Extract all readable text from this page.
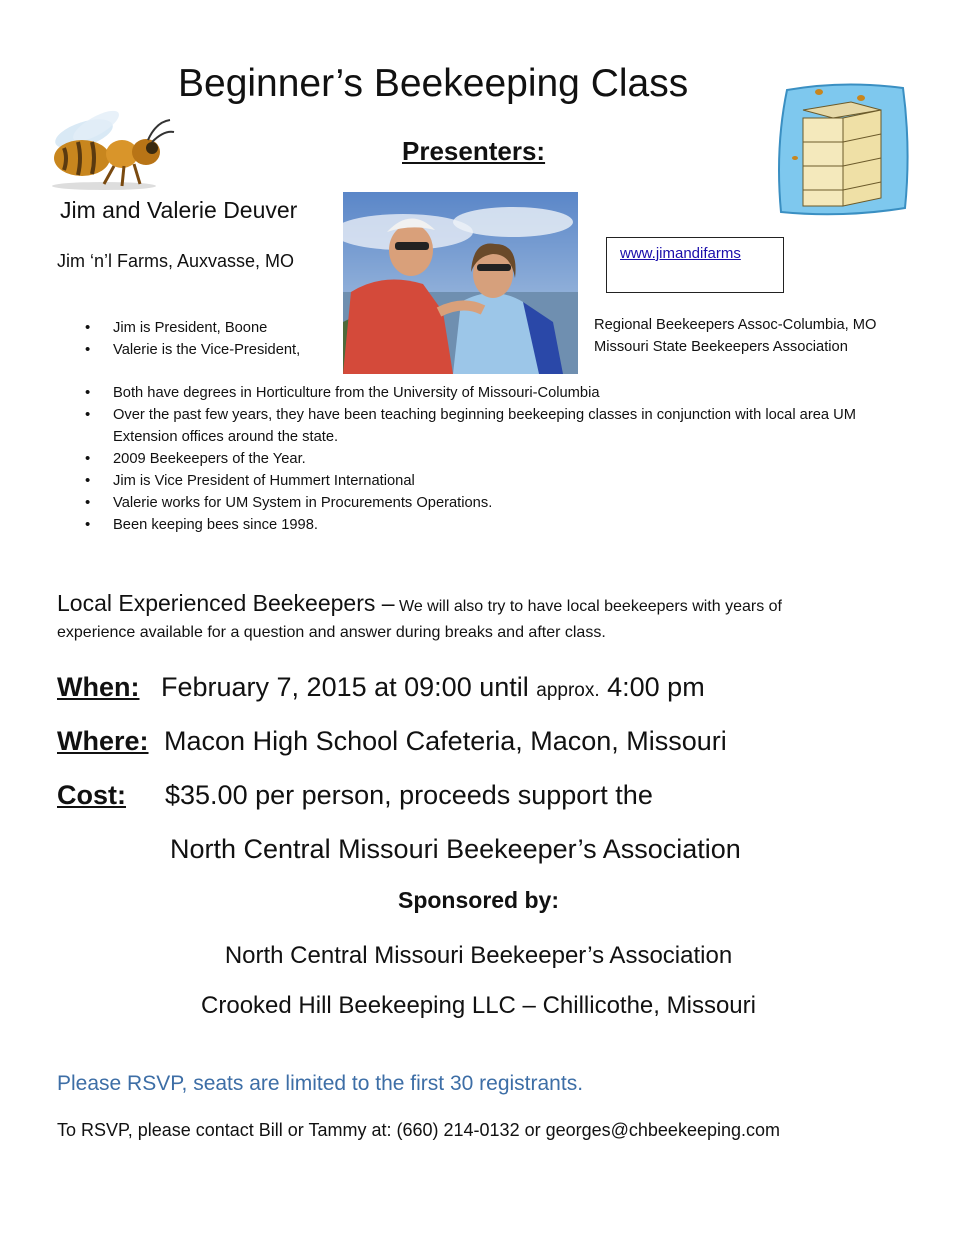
Beginner’s Beekeeping Class
Presenters:
Jim and Valerie Deuver
Jim ‘n’l Farms, Auxvasse, MO	www.jimandifarms
• Jim is President, Boone
• Valerie is the Vice-President,
Regional Beekeepers Assoc-Columbia, MO
Missouri State Beekeepers Association
• Both have degrees in Horticulture from the University of Missouri-Columbia
• Over the past few years, they have been teaching beginning beekeeping classes in conjunction with local area UM Extension offices around the state.
• 2009 Beekeepers of the Year.
• Jim is Vice President of Hummert International
• Valerie works for UM System in Procurements Operations.
• Been keeping bees since 1998.
Local Experienced Beekeepers – We will also try to have local beekeepers with years of
experience available for a question and answer during breaks and after class.
When: February 7, 2015 at 09:00 until approx. 4:00 pm
Where: Macon High School Cafeteria, Macon, Missouri
Cost: $35.00 per person, proceeds support the
North Central Missouri Beekeeper’s Association
Sponsored by:
North Central Missouri Beekeeper’s Association
Crooked Hill Beekeeping LLC – Chillicothe, Missouri
Please RSVP, seats are limited to the first 30 registrants.
To RSVP, please contact Bill or Tammy at: (660) 214-0132 or georges@chbeekeeping.com
